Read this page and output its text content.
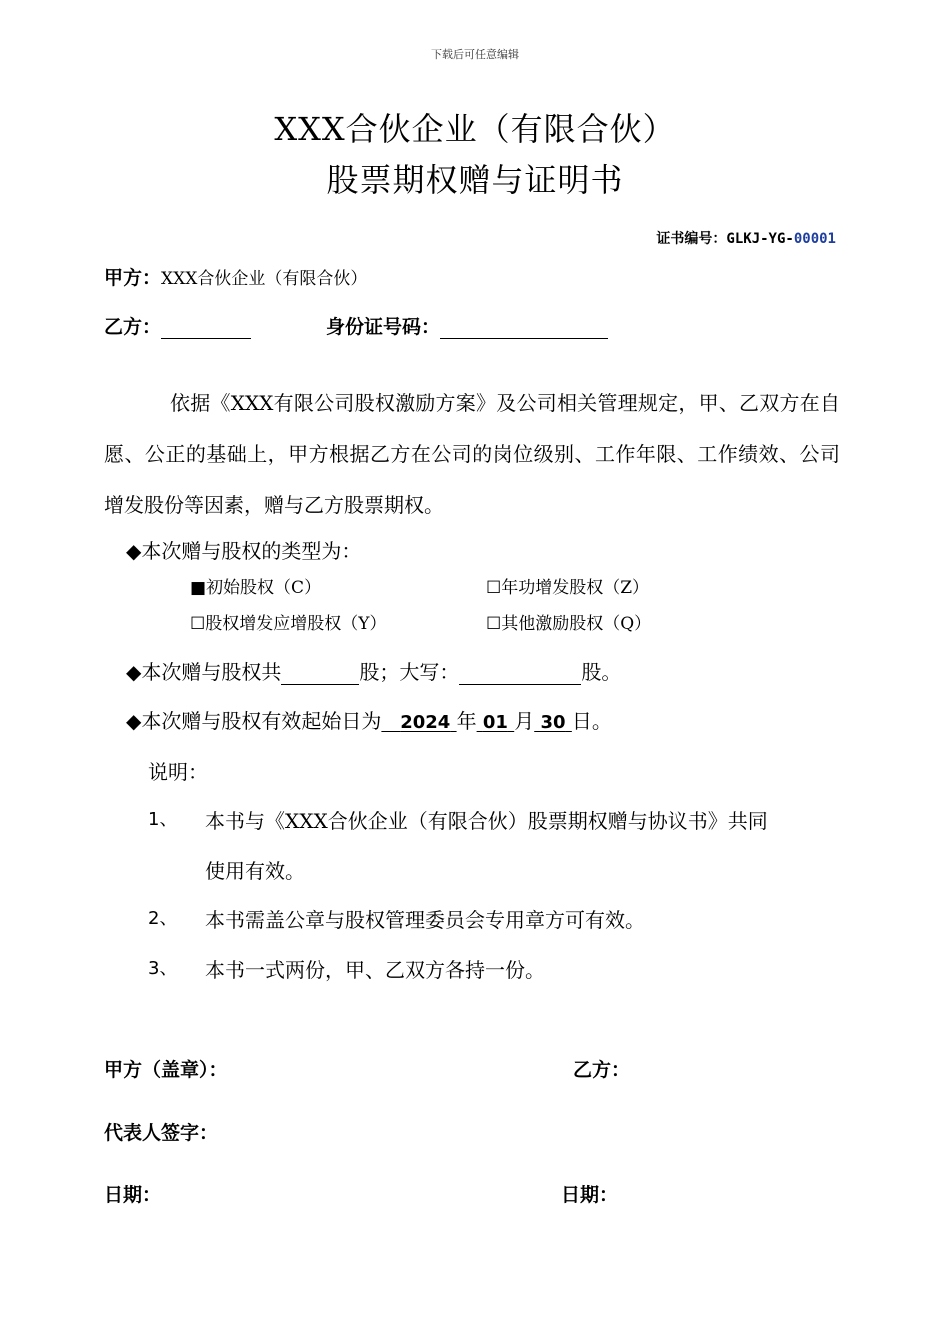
下载后可任意编辑
XXX合伙企业（有限合伙）
股票期权赠与证明书
证书编号：GLKJ-YG-00001
甲方：XXX合伙企业（有限合伙）
乙方：	身份证号码：
依据《XXX有限公司股权激励方案》及公司相关管理规定，甲、乙双方在自愿、公正的基础上，甲方根据乙方在公司的岗位级别、工作年限、工作绩效、公司增发股份等因素，赠与乙方股票期权。
◆本次赠与股权的类型为：
■初始股权（C）	☐年功增发股权（Z）
☐股权增发应增股权（Y）	☐其他激励股权（Q）
◆本次赠与股权共	股；大写：	股。
◆本次赠与股权有效起始日为 2024 年 01 月 30 日。
说明：
1、 本书与《XXX合伙企业（有限合伙）股票期权赠与协议书》共同
使用有效。
2、 本书需盖公章与股权管理委员会专用章方可有效。
3、 本书一式两份，甲、乙双方各持一份。
甲方（盖章）：	乙方：
代表人签字：
日期：	日期：
